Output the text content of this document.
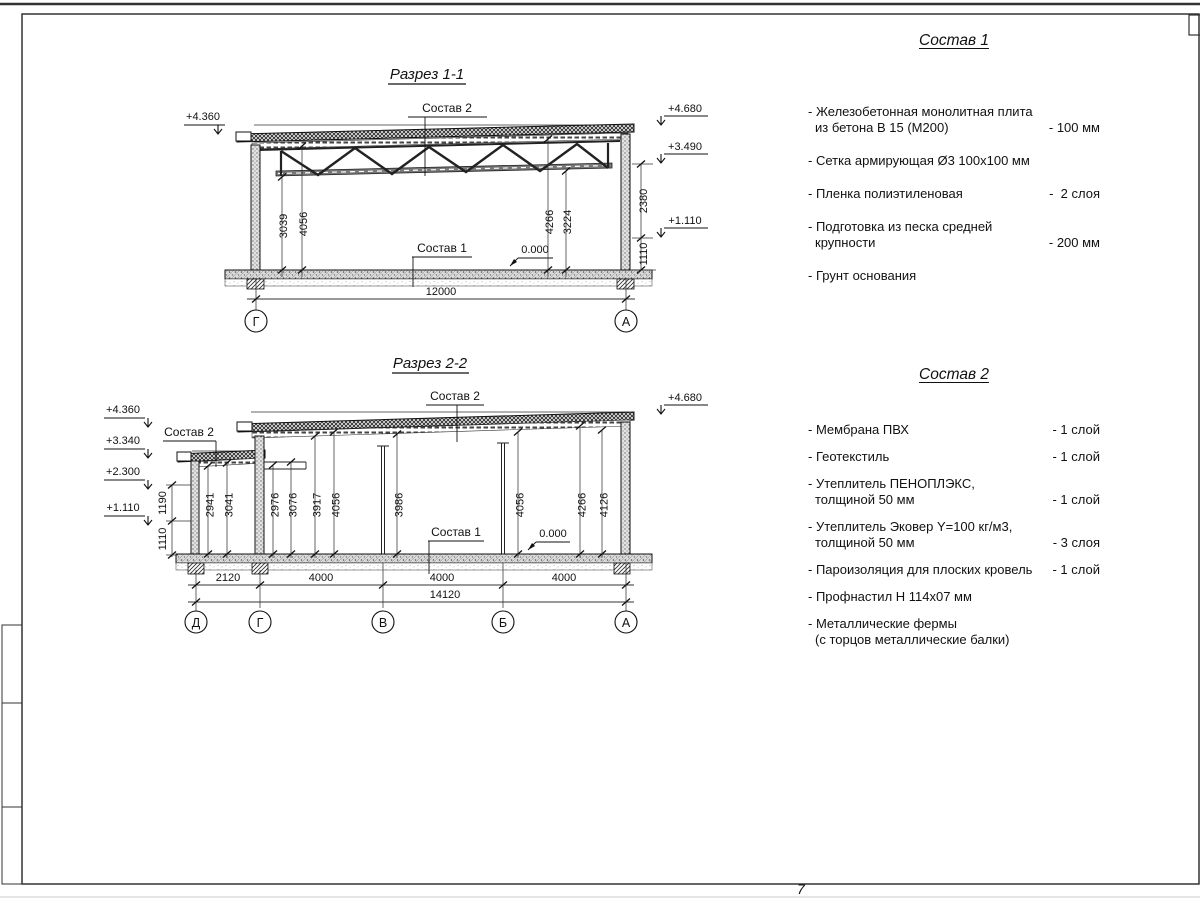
7
Разрез 1-1
0.000
Состав 2
Состав 1
3039 4056	4266 3224
2380
1110
+4.360
+4.680
+3.490
+1.110
12000
Г	А
Разрез 2-2
0.000
Состав 2
Состав 2
Состав 1
2941 3041	2976 3076 3917 4056	3986	4056	4266 4126
1190
1110
+4.360
+3.340
+2.300
+1.110
+4.680
2120	4000	4000	4000
14120
Д	Г	В	Б	А
Состав 1
- Железобетонная монолитная плита
из бетона В 15 (М200)	- 100 мм
- Сетка армирующая Ø3 100x100 мм
- Пленка полиэтиленовая	-  2 слоя
- Подготовка из песка средней
крупности	- 200 мм
- Грунт основания
Состав 2
- Мембрана ПВХ	- 1 слой
- Геотекстиль	- 1 слой
- Утеплитель ПЕНОПЛЭКС,
толщиной 50 мм	- 1 слой
- Утеплитель Эковер Y=100 кг/м3,
толщиной 50 мм	- 3 слоя
- Пароизоляция для плоских кровель	- 1 слой
- Профнастил Н 114x07 мм
- Металлические фермы
(с торцов металлические балки)
